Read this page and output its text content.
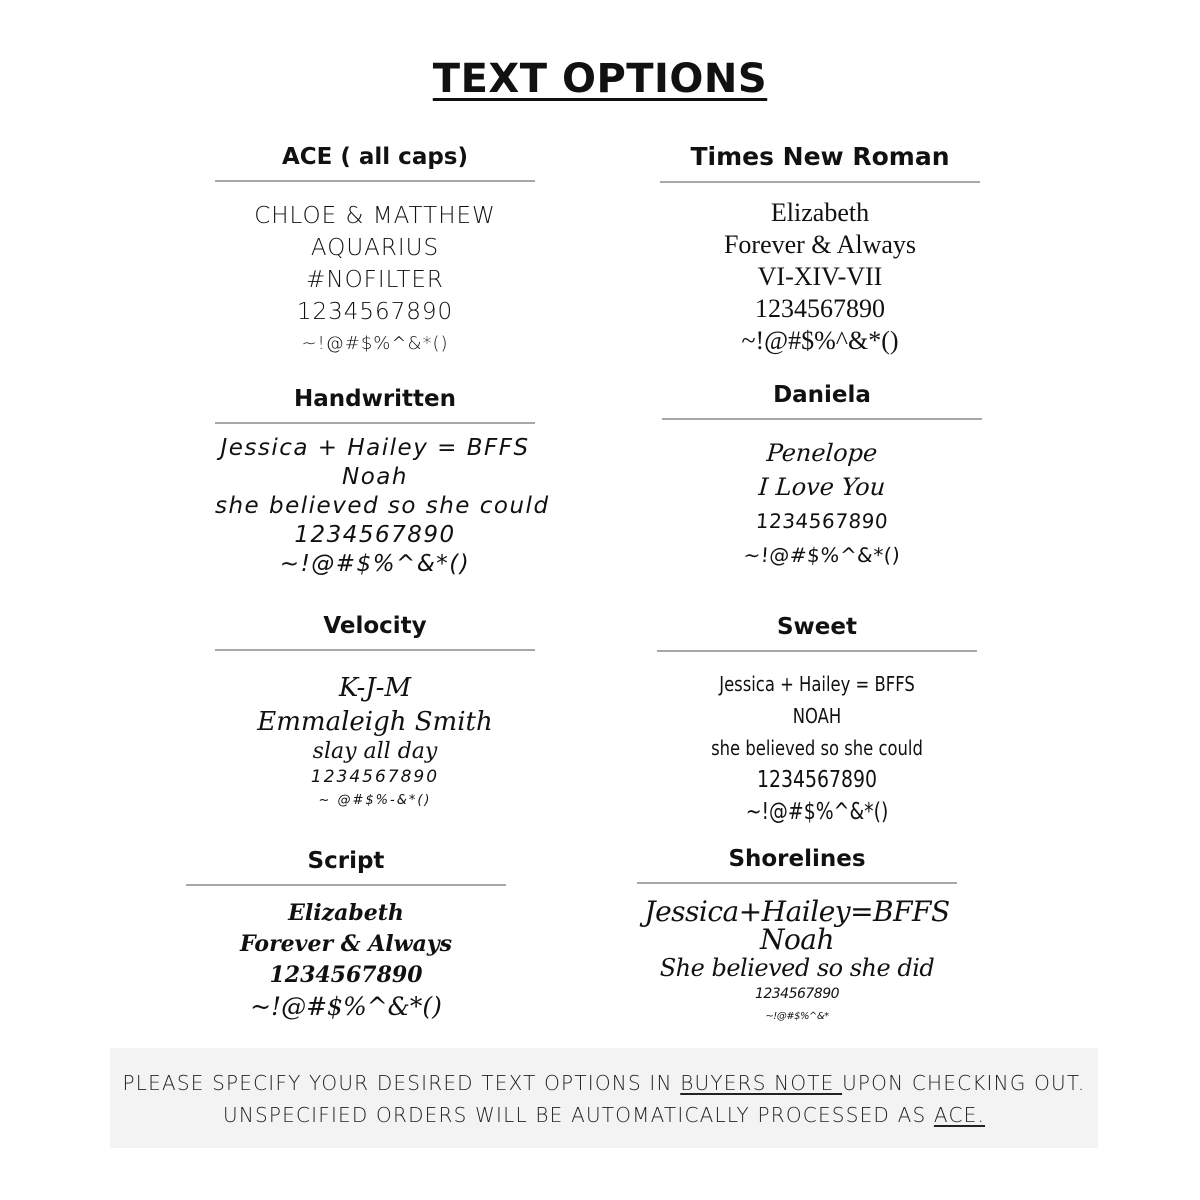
TEXT OPTIONS
ACE ( all caps)
CHLOE & MATTHEW
AQUARIUS
#NOFILTER
1234567890
~!@#$%^&*()
Times New Roman
Elizabeth
Forever & Always
VI-XIV-VII
1234567890
~!@#$%^&*()
Handwritten
Jessica + Hailey = BFFS
Noah
she believed so she could
1234567890
~!@#$%^&*()
Daniela
Penelope
I Love You
1234567890
~!@#$%^&*()
Velocity
K-J-M
Emmaleigh Smith
slay all day
1234567890
~ @#$%-&*()
Sweet
Jessica + Hailey = BFFS
NOAH
she believed so she could
1234567890
~!@#$%^&*()
Script
Elizabeth
Forever & Always
1234567890
~!@#$%^&*()
Shorelines
Jessica+Hailey=BFFS
Noah
She believed so she did
1234567890
~!@#$%^&*
PLEASE SPECIFY YOUR DESIRED TEXT OPTIONS IN BUYERS NOTE UPON CHECKING OUT.
UNSPECIFIED ORDERS WILL BE AUTOMATICALLY PROCESSED AS ACE.
